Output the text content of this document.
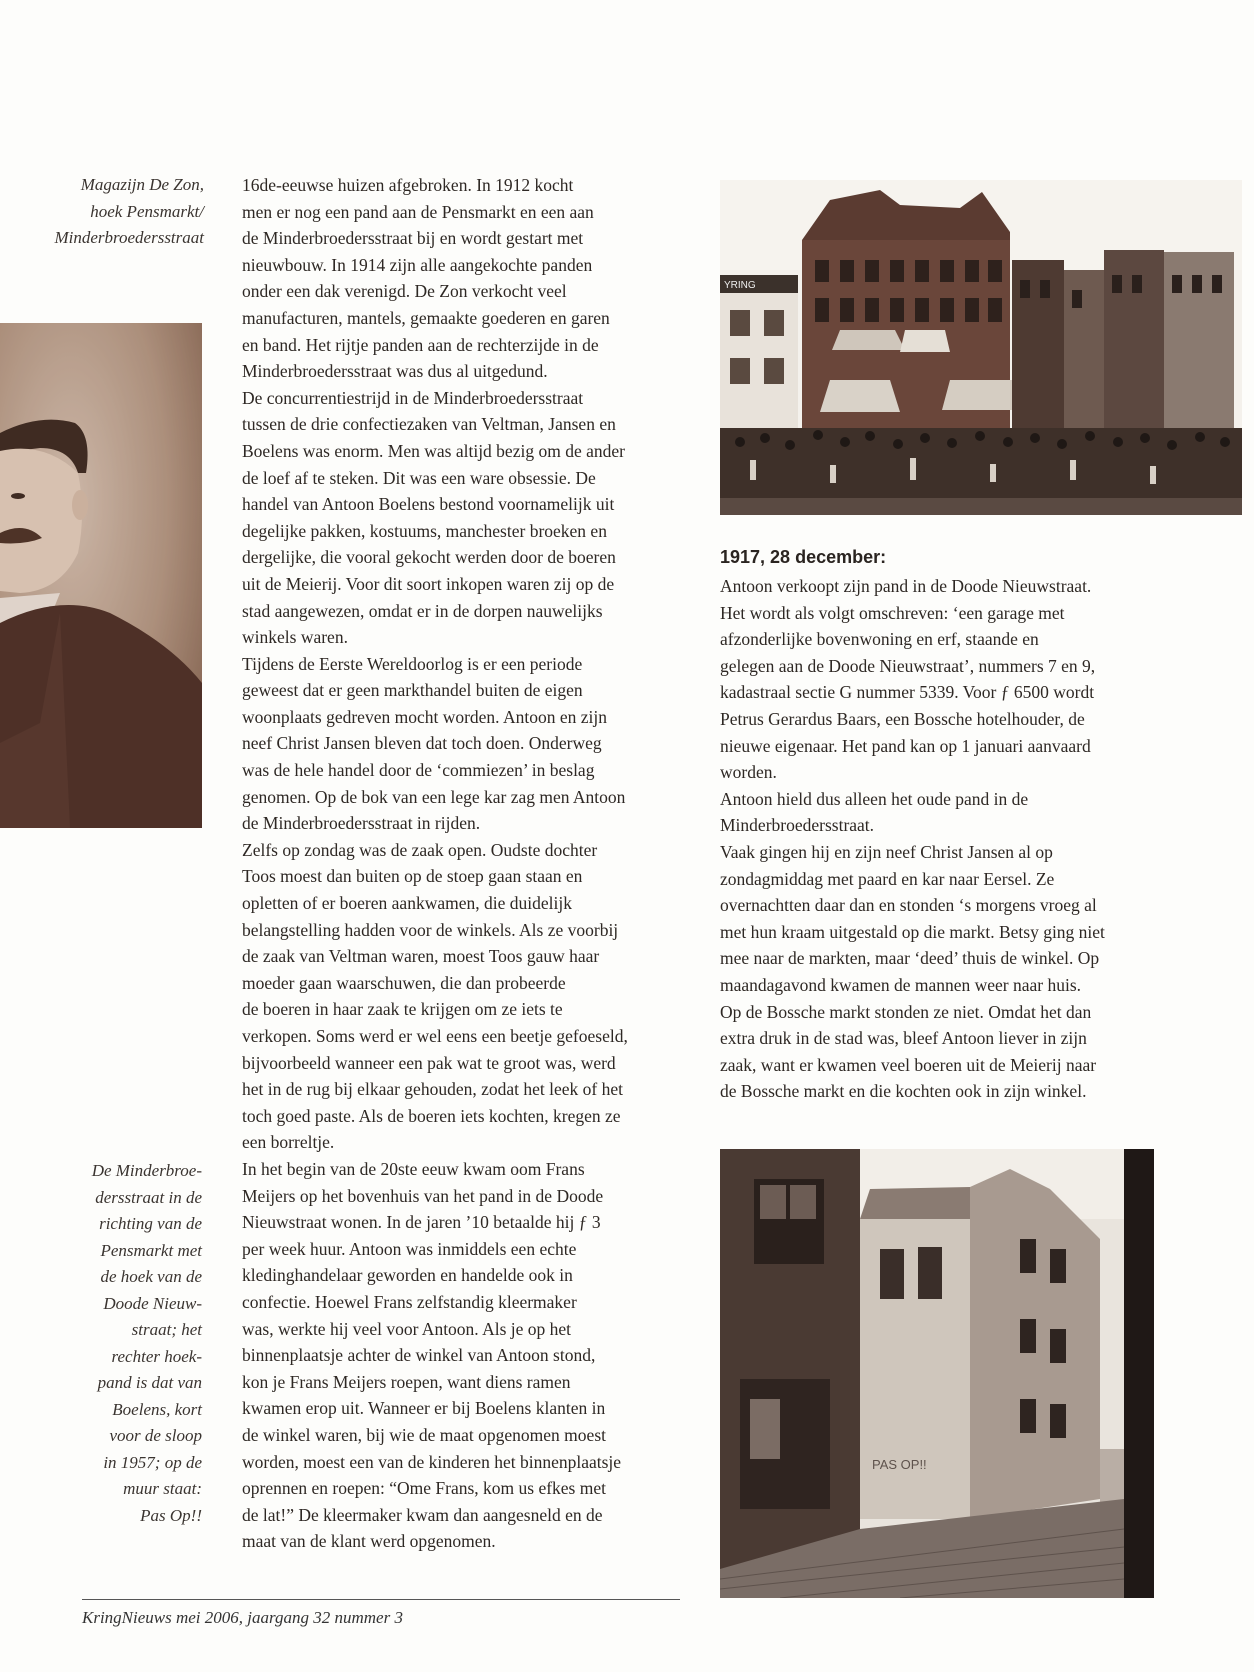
Magazijn De Zon,
hoek Pensmarkt/
Minderbroedersstraat
De Minderbroe-
dersstraat in de
richting van de
Pensmarkt met
de hoek van de
Doode Nieuw-
straat; het
rechter hoek-
pand is dat van
Boelens, kort
voor de sloop
in 1957; op de
muur staat:
Pas Op!!
16de-eeuwse huizen afgebroken. In 1912 kocht
men er nog een pand aan de Pensmarkt en een aan
de Minderbroedersstraat bij en wordt gestart met
nieuwbouw. In 1914 zijn alle aangekochte panden
onder een dak verenigd. De Zon verkocht veel
manufacturen, mantels, gemaakte goederen en garen
en band. Het rijtje panden aan de rechterzijde in de
Minderbroedersstraat was dus al uitgedund.
De concurrentiestrijd in de Minderbroedersstraat
tussen de drie confectiezaken van Veltman, Jansen en
Boelens was enorm. Men was altijd bezig om de ander
de loef af te steken. Dit was een ware obsessie. De
handel van Antoon Boelens bestond voornamelijk uit
degelijke pakken, kostuums, manchester broeken en
dergelijke, die vooral gekocht werden door de boeren
uit de Meierij. Voor dit soort inkopen waren zij op de
stad aangewezen, omdat er in de dorpen nauwelijks
winkels waren.
Tijdens de Eerste Wereldoorlog is er een periode
geweest dat er geen markthandel buiten de eigen
woonplaats gedreven mocht worden. Antoon en zijn
neef Christ Jansen bleven dat toch doen. Onderweg
was de hele handel door de ‘commiezen’ in beslag
genomen. Op de bok van een lege kar zag men Antoon
de Minderbroedersstraat in rijden.
Zelfs op zondag was de zaak open. Oudste dochter
Toos moest dan buiten op de stoep gaan staan en
opletten of er boeren aankwamen, die duidelijk
belangstelling hadden voor de winkels. Als ze voorbij
de zaak van Veltman waren, moest Toos gauw haar
moeder gaan waarschuwen, die dan probeerde
de boeren in haar zaak te krijgen om ze iets te
verkopen. Soms werd er wel eens een beetje gefoeseld,
bijvoorbeeld wanneer een pak wat te groot was, werd
het in de rug bij elkaar gehouden, zodat het leek of het
toch goed paste. Als de boeren iets kochten, kregen ze
een borreltje.
In het begin van de 20ste eeuw kwam oom Frans
Meijers op het bovenhuis van het pand in de Doode
Nieuwstraat wonen. In de jaren ’10 betaalde hij ƒ 3
per week huur. Antoon was inmiddels een echte
kledinghandelaar geworden en handelde ook in
confectie. Hoewel Frans zelfstandig kleermaker
was, werkte hij veel voor Antoon. Als je op het
binnenplaatsje achter de winkel van Antoon stond,
kon je Frans Meijers roepen, want diens ramen
kwamen erop uit. Wanneer er bij Boelens klanten in
de winkel waren, bij wie de maat opgenomen moest
worden, moest een van de kinderen het binnenplaatsje
oprennen en roepen: “Ome Frans, kom us efkes met
de lat!” De kleermaker kwam dan aangesneld en de
maat van de klant werd opgenomen.
YRING
1917, 28 december:
Antoon verkoopt zijn pand in de Doode Nieuwstraat.
Het wordt als volgt omschreven: ‘een garage met
afzonderlijke bovenwoning en erf, staande en
gelegen aan de Doode Nieuwstraat’, nummers 7 en 9,
kadastraal sectie G nummer 5339. Voor ƒ 6500 wordt
Petrus Gerardus Baars, een Bossche hotelhouder, de
nieuwe eigenaar. Het pand kan op 1 januari aanvaard
worden.
Antoon hield dus alleen het oude pand in de
Minderbroedersstraat.
Vaak gingen hij en zijn neef Christ Jansen al op
zondagmiddag met paard en kar naar Eersel. Ze
overnachtten daar dan en stonden ‘s morgens vroeg al
met hun kraam uitgestald op die markt. Betsy ging niet
mee naar de markten, maar ‘deed’ thuis de winkel. Op
maandagavond kwamen de mannen weer naar huis.
Op de Bossche markt stonden ze niet. Omdat het dan
extra druk in de stad was, bleef Antoon liever in zijn
zaak, want er kwamen veel boeren uit de Meierij naar
de Bossche markt en die kochten ook in zijn winkel.
PAS OP!!
KringNieuws mei 2006, jaargang 32 nummer 3
